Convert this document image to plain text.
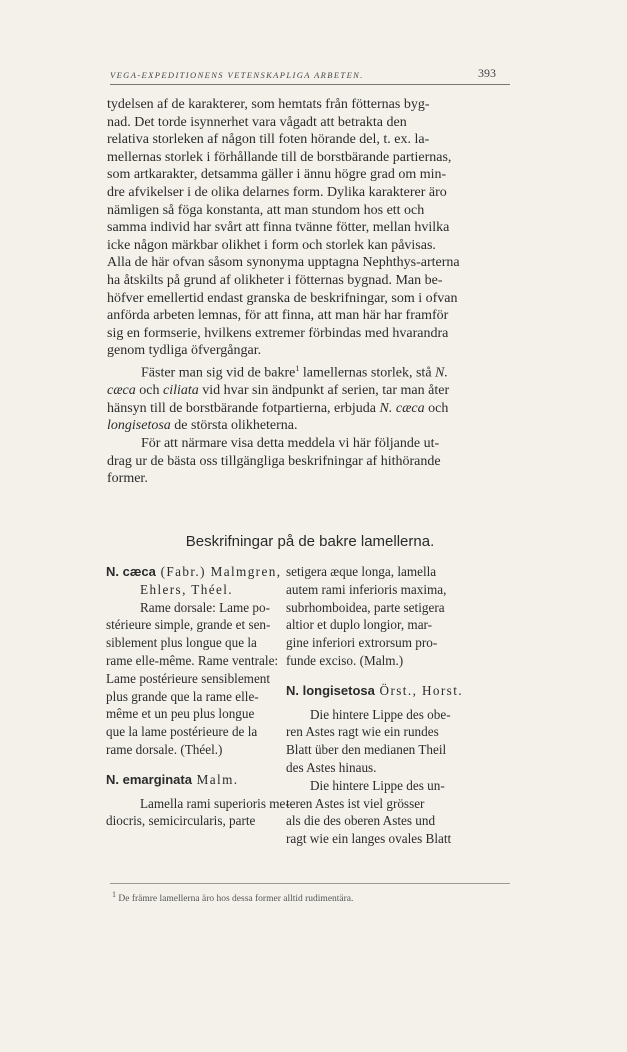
VEGA-EXPEDITIONENS VETENSKAPLIGA ARBETEN.	393
tydelsen af de karakterer, som hemtats från fötternas byg-
nad. Det torde isynnerhet vara vågadt att betrakta den
relativa storleken af någon till foten hörande del, t. ex. la-
mellernas storlek i förhållande till de borstbärande partiernas,
som artkarakter, detsamma gäller i ännu högre grad om min-
dre afvikelser i de olika delarnes form. Dylika karakterer äro
nämligen så föga konstanta, att man stundom hos ett och
samma individ har svårt att finna tvänne fötter, mellan hvilka
icke någon märkbar olikhet i form och storlek kan påvisas.
Alla de här ofvan såsom synonyma upptagna Nephthys-arterna
ha åtskilts på grund af olikheter i fötternas bygnad. Man be-
höfver emellertid endast granska de beskrifningar, som i ofvan
anförda arbeten lemnas, för att finna, att man här har framför
sig en formserie, hvilkens extremer förbindas med hvarandra
genom tydliga öfvergångar.
Fäster man sig vid de bakre$^1$ lamellernas storlek, stå N.
cæca och ciliata vid hvar sin ändpunkt af serien, tar man åter
hänsyn till de borstbärande fotpartierna, erbjuda N. cæca och
longisetosa de största olikheterna.
För att närmare visa detta meddela vi här följande ut-
drag ur de bästa oss tillgängliga beskrifningar af hithörande
former.
Beskrifningar på de bakre lamellerna.
N. cæca (Fabr.) Malmgren,
Ehlers, Théel.
Rame dorsale: Lame po-
stérieure simple, grande et sen-
siblement plus longue que la
rame elle-même. Rame ventrale:
Lame postérieure sensiblement
plus grande que la rame elle-
même et un peu plus longue
que la lame postérieure de la
rame dorsale. (Théel.)
N. emarginata Malm.
Lamella rami superioris me-
diocris, semicircularis, parte
setigera æque longa, lamella
autem rami inferioris maxima,
subrhomboidea, parte setigera
altior et duplo longior, mar-
gine inferiori extrorsum pro-
funde exciso. (Malm.)
N. longisetosa Örst., Horst.
Die hintere Lippe des obe-
ren Astes ragt wie ein rundes
Blatt über den medianen Theil
des Astes hinaus.
Die hintere Lippe des un-
teren Astes ist viel grösser
als die des oberen Astes und
ragt wie ein langes ovales Blatt
$^1$ De främre lamellerna äro hos dessa former alltid rudimentära.
